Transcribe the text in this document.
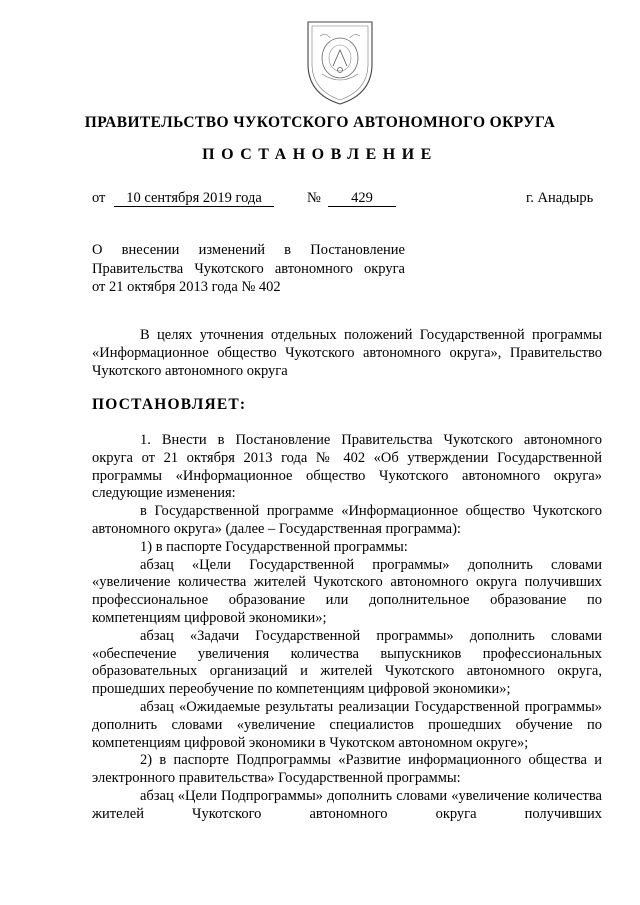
ПРАВИТЕЛЬСТВО ЧУКОТСКОГО АВТОНОМНОГО ОКРУГА
ПОСТАНОВЛЕНИЕ
от	10 сентября 2019 года	№	429	г. Анадырь
О внесении изменений в Постановление
Правительства Чукотского автономного округа
от 21 октября 2013 года № 402

В целях уточнения отдельных положений Государственной программы «Информационное общество Чукотского автономного округа», Правительство Чукотского автономного округа

ПОСТАНОВЛЯЕТ:

1. Внести в Постановление Правительства Чукотского автономного округа от 21 октября 2013 года № 402 «Об утверждении Государственной программы «Информационное общество Чукотского автономного округа» следующие изменения:

в Государственной программе «Информационное общество Чукотского автономного округа» (далее – Государственная программа):

1) в паспорте Государственной программы:

абзац «Цели Государственной программы» дополнить словами «увеличение количества жителей Чукотского автономного округа получивших профессиональное образование или дополнительное образование по компетенциям цифровой экономики»;

абзац «Задачи Государственной программы» дополнить словами «обеспечение увеличения количества выпускников профессиональных образовательных организаций и жителей Чукотского автономного округа, прошедших переобучение по компетенциям цифровой экономики»;

абзац «Ожидаемые результаты реализации Государственной программы» дополнить словами «увеличение специалистов прошедших обучение по компетенциям цифровой экономики в Чукотском автономном округе»;

2) в паспорте Подпрограммы «Развитие информационного общества и электронного правительства» Государственной программы:

абзац «Цели Подпрограммы» дополнить словами «увеличение количества жителей Чукотского автономного округа получивших
